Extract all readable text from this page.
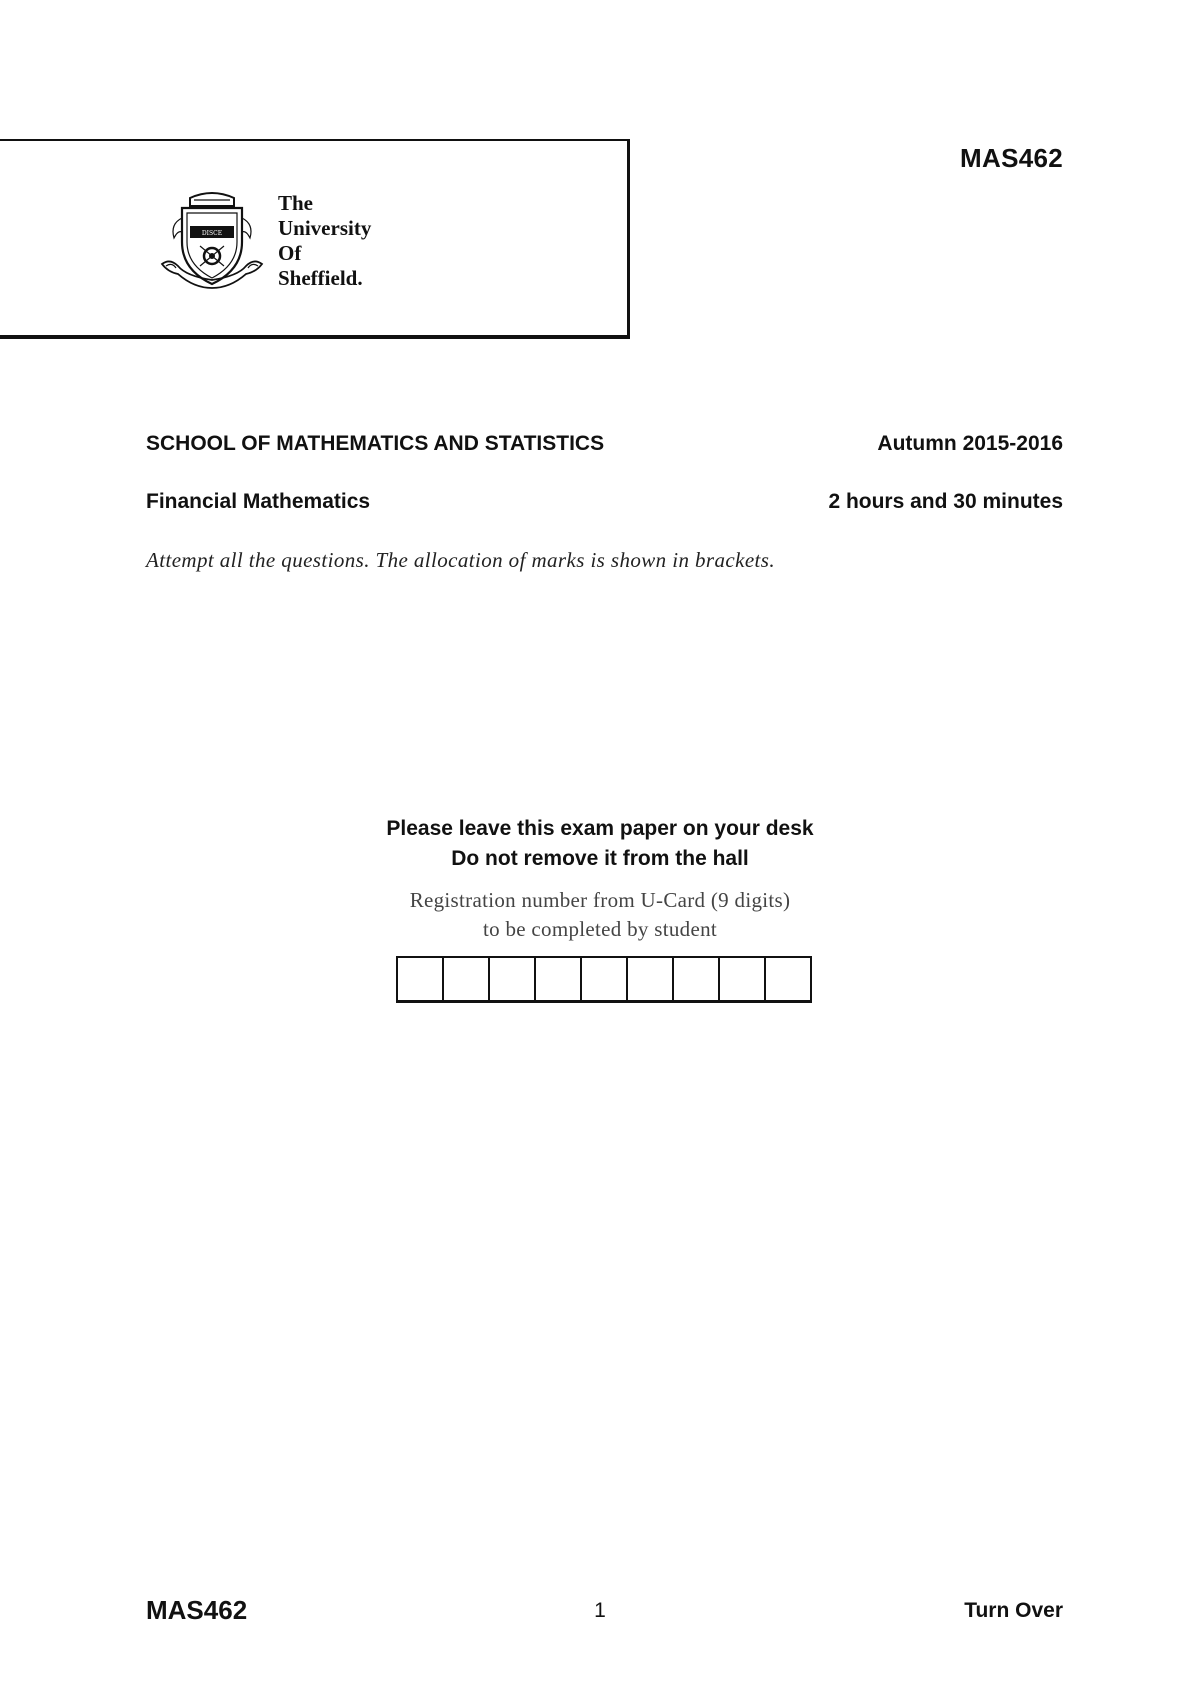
DISCE
The
University
Of
Sheffield.
MAS462
SCHOOL OF MATHEMATICS AND STATISTICS	Autumn 2015-2016
Financial Mathematics	2 hours and 30 minutes
Attempt all the questions. The allocation of marks is shown in brackets.
Please leave this exam paper on your desk
Do not remove it from the hall
Registration number from U-Card (9 digits)
to be completed by student
MAS462	1	Turn Over
